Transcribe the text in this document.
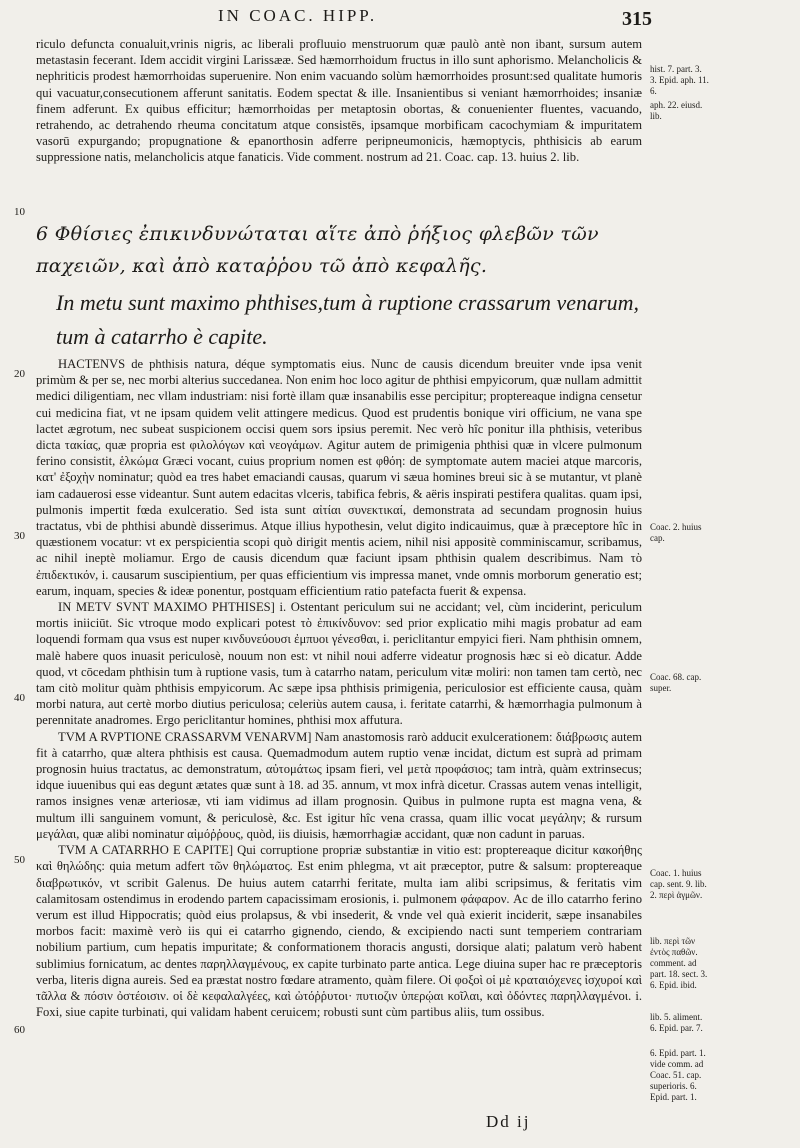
IN COAC. HIPP.	315

riculo defuncta conualuit,vrinis nigris, ac liberali profluuio menstruorum quæ paulò antè non ibant, sursum autem metastasin fecerant. Idem accidit virgini Larissææ. Sed hæmorrhoidum fructus in illo sunt aphorismo. Melancholicis & nephriticis prodest hæmorrhoidas superuenire. Non enim vacuando solùm hæmorrhoides prosunt:sed qualitate humoris qui vacuatur,consecutionem afferunt sanitatis. Eodem spectat & ille. Insanientibus si veniant hæmorrhoides; insaniæ finem adferunt. Ex quibus efficitur; hæmorrhoidas per metaptosin obortas, & conuenienter fluentes, vacuando, retrahendo, ac detrahendo rheuma concitatum atque consistēs, ipsamque morbificam cacochymiam & impuritatem vasorū expurgando; propugnatione & epanorthosin adferre peripneumonicis, hæmoptycis, phthisicis ab earum suppressione natis, melancholicis atque fanaticis. Vide comment. nostrum ad 21. Coac. cap. 13. huius 2. lib.

6 Φθίσιες ἐπικινδυνώταται αἵτε ἀπὸ ῥήξιος φλεβῶν τῶν παχειῶν, καὶ ἀπὸ καταῤῥου τῶ ἀπὸ κεφαλῆς.
In metu sunt maximo phthises,tum à ruptione crassarum venarum, tum à catarrho è capite.

HACTENVS de phthisis natura, déque symptomatis eius. Nunc de causis dicendum breuiter vnde ipsa venit primùm & per se, nec morbi alterius succedanea. Non enim hoc loco agitur de phthisi empyicorum, quæ nullam admittit medici diligentiam, nec vllam industriam: nisi fortè illam quæ insanabilis esse percipitur; proptereaque indigna censetur cui medicina fiat, vt ne ipsam quidem velit attingere medicus. Quod est prudentis bonique viri officium, ne vana spe lactet ægrotum, nec subeat suspicionem occisi quem sors ipsius peremit. Nec verò hîc ponitur illa phthisis, veteribus dicta τακίας, quæ propria est φιλολόγων καὶ νεογάμων. Agitur autem de primigenia phthisi quæ in vlcere pulmonum ferino consistit, ἑλκώμα Græci vocant, cuius proprium nomen est φθόη: de symptomate autem maciei atque marcoris, κατ' ἐξοχὴν nominatur; quòd ea tres habet emaciandi causas, quarum vi sæua homines breui sic à se mutantur, vt planè iam cadauerosi esse videantur. Sunt autem edacitas vlceris, tabifica febris, & aëris inspirati pestifera qualitas. quam ipsi, pulmonis impertit fœda exulceratio. Sed ista sunt αἰτίαι συνεκτικαί, demonstrata ad secundam prognosin huius tractatus, vbi de phthisi abundè disserimus. Atque illius hypothesin, velut digito indicauimus, quæ à præceptore hîc in quæstionem vocatur: vt ex perspicientia scopi quò dirigit mentis aciem, nihil nisi appositè comminiscamur, scribamus, ac nihil ineptè moliamur. Ergo de causis dicendum quæ faciunt ipsam phthisin qualem describimus. Nam τὸ ἐπιδεκτικόν, i. causarum suscipientium, per quas efficientium vis impressa manet, vnde omnis morborum generatio est; earum, inquam, species & ideæ ponentur, postquam efficientium ratio patefacta fuerit & expensa.

IN METV SVNT MAXIMO PHTHISES] i. Ostentant periculum sui ne accidant; vel, cùm inciderint, periculum mortis iniiciūt. Sic vtroque modo explicari potest τὸ ἐπικίνδυνον: sed prior explicatio mihi magis probatur ad eam loquendi formam qua vsus est nuper κινδυνεύουσι ἐμπυοι γένεσθαι, i. periclitantur empyici fieri. Nam phthisin omnem, malè habere quos inuasit periculosè, nouum non est: vt nihil noui adferre videatur prognosis hæc si eò dicatur. Adde quod, vt cōcedam phthisin tum à ruptione vasis, tum à catarrho natam, periculum vitæ moliri: non tamen tam certò, nec tam citò molitur quàm phthisis empyicorum. Ac sæpe ipsa phthisis primigenia, periculosior est efficiente causa, quàm morbi natura, aut certè morbo diutius periculosa; celeriùs autem causa, i. feritate catarrhi, & hæmorrhagia pulmonum à perennitate anadromes. Ergo periclitantur homines, phthisi mox affutura.

TVM A RVPTIONE CRASSARVM VENARVM] Nam anastomosis rarò adducit exulcerationem: διάβρωσις autem fit à catarrho, quæ altera phthisis est causa. Quemadmodum autem ruptio venæ incidat, dictum est suprà ad primam prognosin huius tractatus, ac demonstratum, αὐτομάτως ipsam fieri, vel μετὰ προφάσιος; tam intrà, quàm extrinsecus; idque iuuenibus qui eas degunt ætates quæ sunt à 18. ad 35. annum, vt mox infrà dicetur. Crassas autem venas intelligit, ramos insignes venæ arteriosæ, vti iam vidimus ad illam prognosin. Quibus in pulmone rupta est magna vena, & multum illi sanguinem vomunt, & periculosè, &c. Est igitur hîc vena crassa, quam illic vocat μεγάλην; & rursum μεγάλαι, quæ alibi nominatur αἱμόῤῥους, quòd, iis diuisis, hæmorrhagiæ accidant, quæ non cadunt in paruas.

TVM A CATARRHO E CAPITE] Qui corruptione propriæ substantiæ in vitio est: proptereaque dicitur κακοήθης καὶ θηλώδης: quia metum adfert τῶν θηλώματος. Est enim phlegma, vt ait præceptor, putre & salsum: proptereaque διαβρωτικόν, vt scribit Galenus. De huius autem catarrhi feritate, multa iam alibi scripsimus, & feritatis vim calamitosam ostendimus in erodendo partem capacissimam erosionis, i. pulmonem φάφαρον. Ac de illo catarrho ferino verum est illud Hippocratis; quòd eius prolapsus, & vbi insederit, & vnde vel quà exierit inciderit, sæpe insanabiles morbos facit: maximè verò iis qui ei catarrho gignendo, ciendo, & excipiendo nacti sunt temperiem contrariam nobilium partium, cum hepatis impuritate; & conformationem thoracis angusti, dorsique alati; palatum verò habent sublimius fornicatum, ac dentes παρηλλαγμένους, ex capite turbinato parte antica. Lege diuina super hac re præceptoris verba, literis digna aureis. Sed ea præstat nostro fœdare atramento, quàm filere. Οἱ φοξοὶ οἱ μὲ κραταιόχενες ἰσχυροί καὶ τᾶλλα & πόσιν ὀστέοισιν. οἱ δὲ κεφαλαλγέες, καὶ ὠτόῤῥυτοι· πυτιοζιν ὑπερῴαι κοῖλαι, καὶ ὀδόντες παρηλλαγμένοι. i. Foxi, siue capite turbinati, qui validam habent ceruicem; robusti sunt cùm partibus aliis, tum ossibus.

hist. 7. part. 3. 3. Epid. aph. 11. 6.
aph. 22. eiusd. lib.
Coac. 2. huius cap.
Coac. 68. cap. super.
Coac. 1. huius cap. sent. 9. lib. 2. περὶ ἀγμῶν.
lib. περὶ τῶν ἐντὸς παθῶν. comment. ad part. 18. sect. 3. 6. Epid. ibid.
lib. 5. aliment. 6. Epid. par. 7.
6. Epid. part. 1. vide comm. ad Coac. 51. cap. superioris. 6. Epid. part. 1.
10
20
30
40
50
60
Dd ij
